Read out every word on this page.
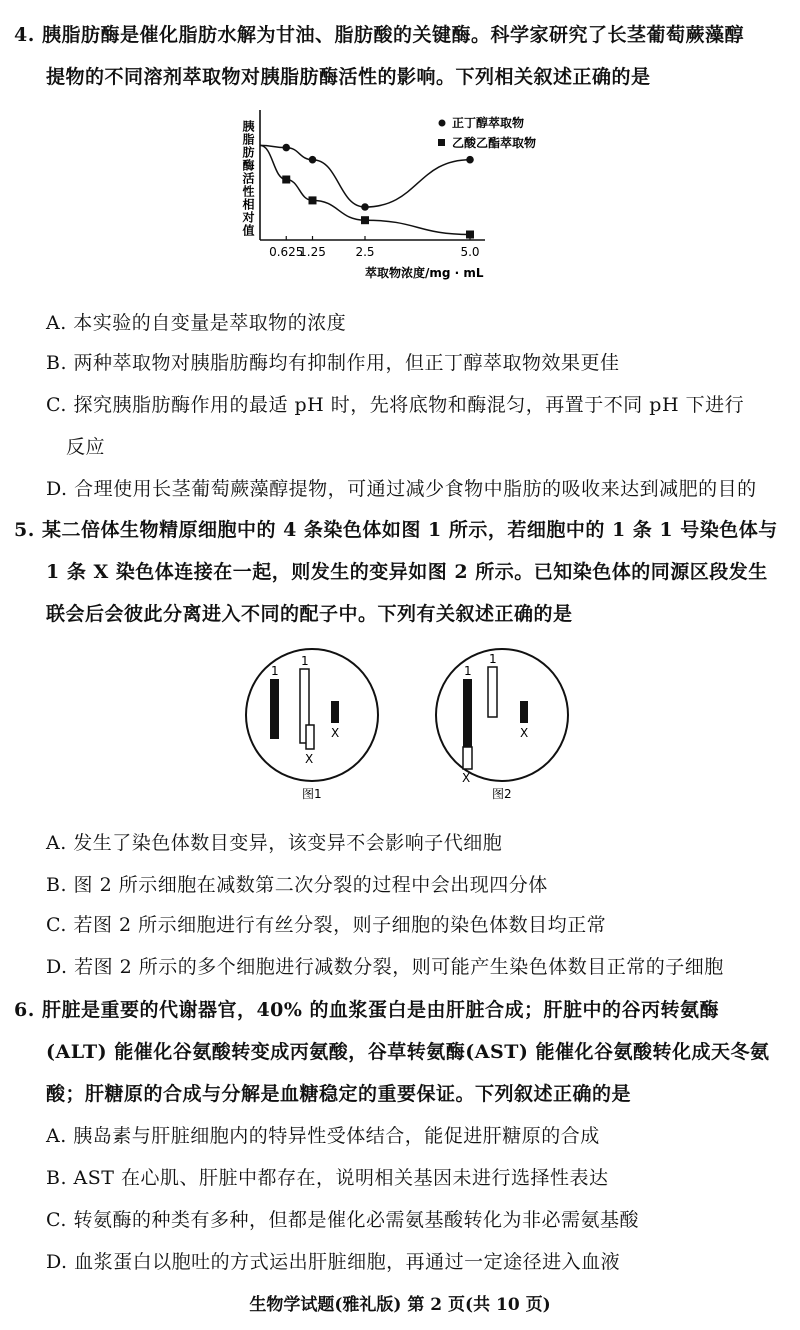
4. 胰脂肪酶是催化脂肪水解为甘油、脂肪酸的关键酶。科学家研究了长茎葡萄蕨藻醇
提物的不同溶剂萃取物对胰脂肪酶活性的影响。下列相关叙述正确的是
胰脂肪酶活性相对值
0.625
1.25 2.5	5.0
萃取物浓度/mg · mL
正丁醇萃取物
乙酸乙酯萃取物
A. 本实验的自变量是萃取物的浓度
B. 两种萃取物对胰脂肪酶均有抑制作用，但正丁醇萃取物效果更佳
C. 探究胰脂肪酶作用的最适 pH 时，先将底物和酶混匀，再置于不同 pH 下进行
反应
D. 合理使用长茎葡萄蕨藻醇提物，可通过减少食物中脂肪的吸收来达到减肥的目的
5. 某二倍体生物精原细胞中的 4 条染色体如图 1 所示，若细胞中的 1 条 1 号染色体与
1 条 X 染色体连接在一起，则发生的变异如图 2 所示。已知染色体的同源区段发生
联会后会彼此分离进入不同的配子中。下列有关叙述正确的是
1
1
X
X
图1
1
X
1
X
图2
A. 发生了染色体数目变异，该变异不会影响子代细胞
B. 图 2 所示细胞在减数第二次分裂的过程中会出现四分体
C. 若图 2 所示细胞进行有丝分裂，则子细胞的染色体数目均正常
D. 若图 2 所示的多个细胞进行减数分裂，则可能产生染色体数目正常的子细胞
6. 肝脏是重要的代谢器官，40% 的血浆蛋白是由肝脏合成；肝脏中的谷丙转氨酶
(ALT) 能催化谷氨酸转变成丙氨酸，谷草转氨酶(AST) 能催化谷氨酸转化成天冬氨
酸；肝糖原的合成与分解是血糖稳定的重要保证。下列叙述正确的是
A. 胰岛素与肝脏细胞内的特异性受体结合，能促进肝糖原的合成
B. AST 在心肌、肝脏中都存在，说明相关基因未进行选择性表达
C. 转氨酶的种类有多种，但都是催化必需氨基酸转化为非必需氨基酸
D. 血浆蛋白以胞吐的方式运出肝脏细胞，再通过一定途径进入血液
生物学试题(雅礼版) 第 2 页(共 10 页)
